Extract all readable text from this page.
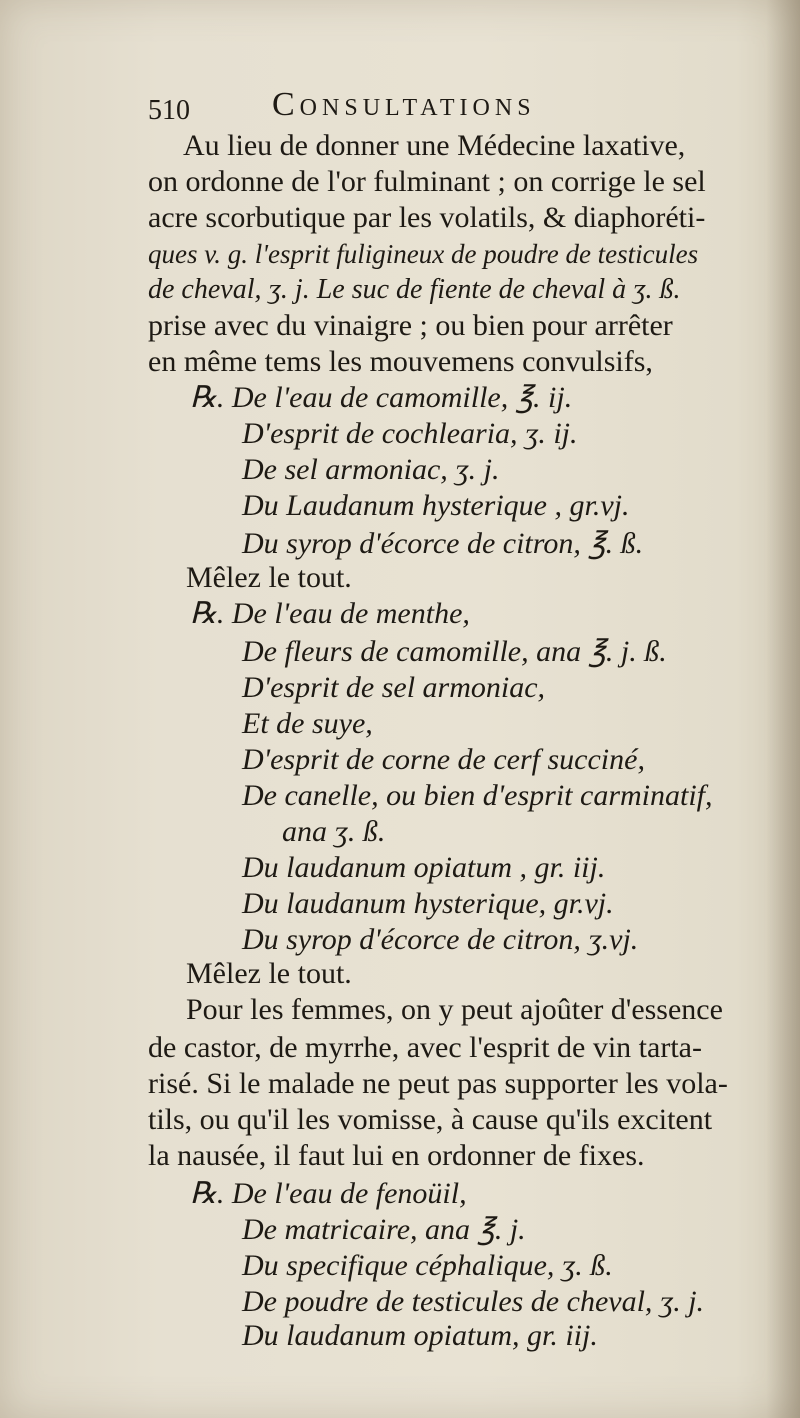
510 Consultations
Au lieu de donner une Médecine laxative,
on ordonne de l'or fulminant ; on corrige le sel
acre scorbutique par les volatils, & diaphoréti-
ques v. g. l'esprit fuligineux de poudre de testicules
de cheval, ʒ. j. Le suc de fiente de cheval à ʒ. ß.
prise avec du vinaigre ; ou bien pour arrêter
en même tems les mouvemens convulsifs,
℞. De l'eau de camomille, ℥. ij.
D'esprit de cochlearia, ʒ. ij.
De sel armoniac, ʒ. j.
Du Laudanum hysterique , gr.vj.
Du syrop d'écorce de citron, ℥. ß.
Mêlez le tout.
℞. De l'eau de menthe,
De fleurs de camomille, ana ℥. j. ß.
D'esprit de sel armoniac,
Et de suye,
D'esprit de corne de cerf succiné,
De canelle, ou bien d'esprit carminatif,
ana ʒ. ß.
Du laudanum opiatum , gr. iij.
Du laudanum hysterique, gr.vj.
Du syrop d'écorce de citron, ʒ.vj.
Mêlez le tout.
Pour les femmes, on y peut ajoûter d'essence
de castor, de myrrhe, avec l'esprit de vin tarta-
risé. Si le malade ne peut pas supporter les vola-
tils, ou qu'il les vomisse, à cause qu'ils excitent
la nausée, il faut lui en ordonner de fixes.
℞. De l'eau de fenoüil,
De matricaire, ana ℥. j.
Du specifique céphalique, ʒ. ß.
De poudre de testicules de cheval, ʒ. j.
Du laudanum opiatum, gr. iij.
